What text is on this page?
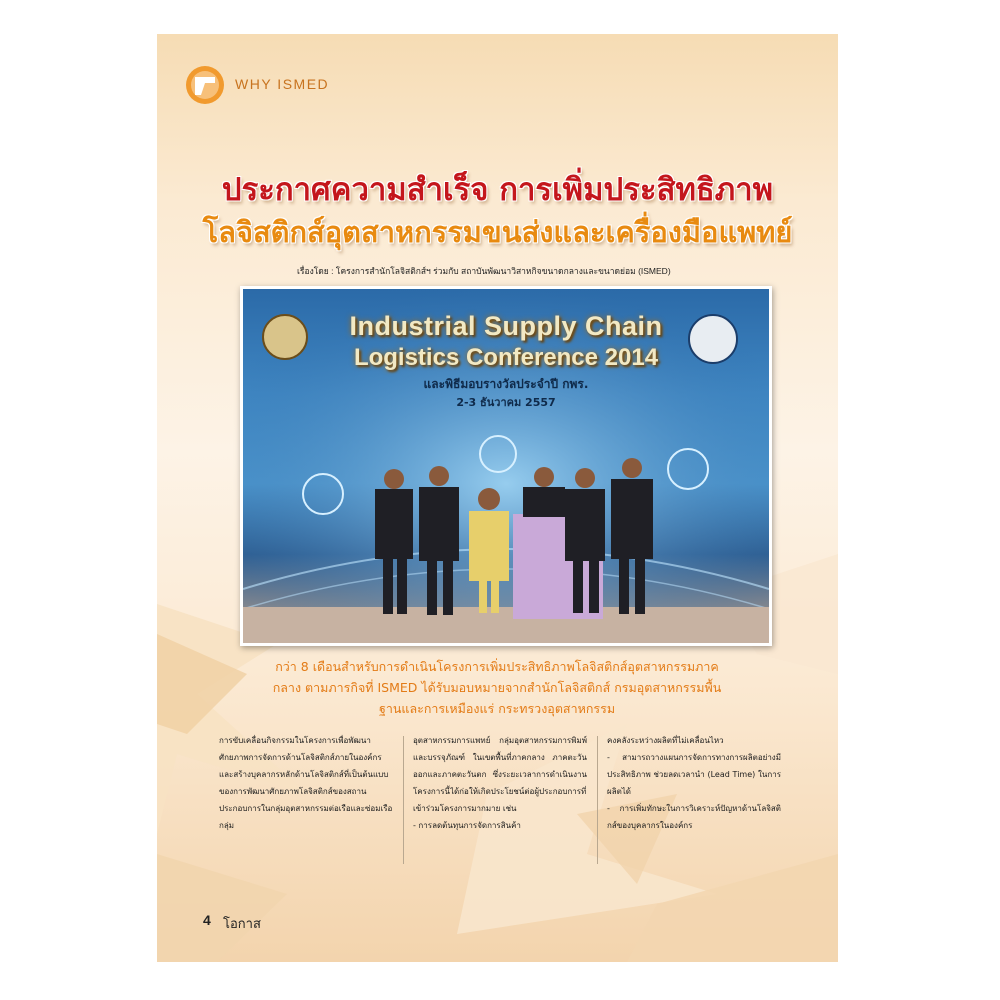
WHY ISMED
ประกาศความสำเร็จ การเพิ่มประสิทธิภาพ
โลจิสติกส์อุตสาหกรรมขนส่งและเครื่องมือแพทย์
เรื่องโดย : โครงการสำนักโลจิสติกส์ฯ ร่วมกับ สถาบันพัฒนาวิสาหกิจขนาดกลางและขนาดย่อม (ISMED)
Industrial Supply Chain
Logistics Conference 2014
และพิธีมอบรางวัลประจำปี กพร.
2-3 ธันวาคม 2557
กว่า 8 เดือนสำหรับการดำเนินโครงการเพิ่มประสิทธิภาพโลจิสติกส์อุตสาหกรรมภาค
กลาง ตามภารกิจที่ ISMED ได้รับมอบหมายจากสำนักโลจิสติกส์ กรมอุตสาหกรรมพื้น
ฐานและการเหมืองแร่ กระทรวงอุตสาหกรรม

การขับเคลื่อนกิจกรรมในโครงการเพื่อพัฒนาศักยภาพการจัดการด้านโลจิสติกส์ภายในองค์กร และสร้างบุคลากรหลักด้านโลจิสติกส์ที่เป็นต้นแบบของการพัฒนาศักยภาพโลจิสติกส์ของสถานประกอบการในกลุ่มอุตสาหกรรมต่อเรือและซ่อมเรือ กลุ่ม

อุตสาหกรรมการแพทย์ กลุ่มอุตสาหกรรมการพิมพ์และบรรจุภัณฑ์ ในเขตพื้นที่ภาคกลาง ภาคตะวันออกและภาคตะวันตก ซึ่งระยะเวลาการดำเนินงานโครงการนี้ได้ก่อให้เกิดประโยชน์ต่อผู้ประกอบการที่เข้าร่วมโครงการมากมาย เช่น
- การลดต้นทุนการจัดการสินค้า

คงคลังระหว่างผลิตที่ไม่เคลื่อนไหว
- สามารถวางแผนการจัดการทางการผลิตอย่างมีประสิทธิภาพ ช่วยลดเวลานำ (Lead Time) ในการผลิตได้
- การเพิ่มทักษะในการวิเคราะห์ปัญหาด้านโลจิสติกส์ของบุคลากรในองค์กร

4 โอกาส
